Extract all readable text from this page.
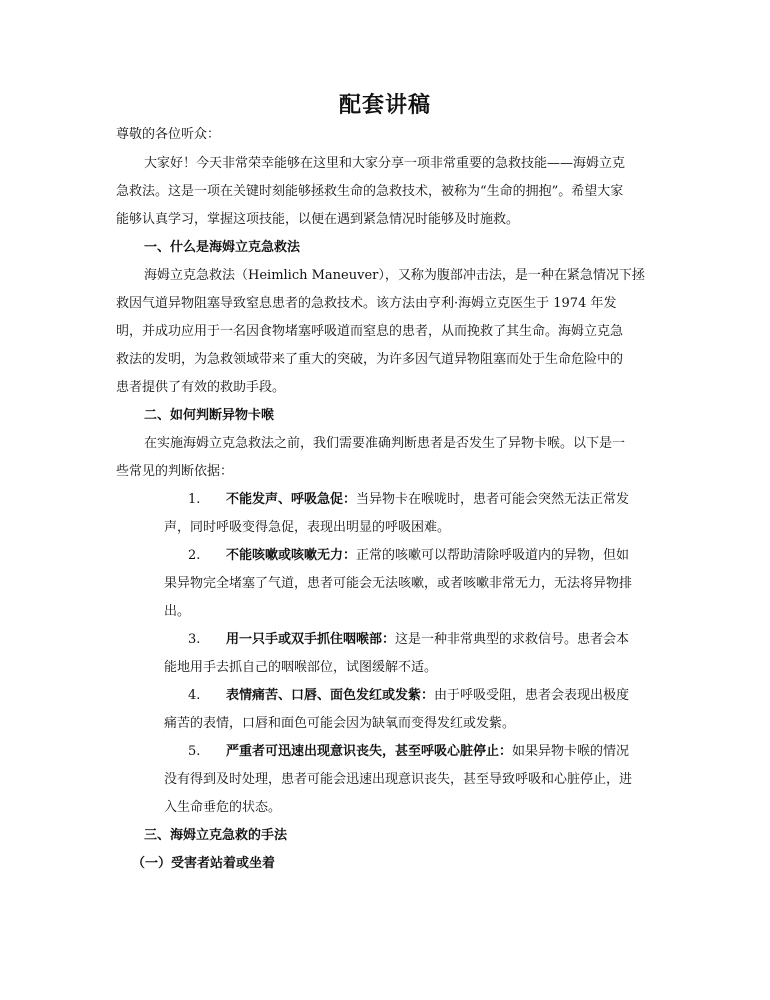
配套讲稿
尊敬的各位听众：
大家好！今天非常荣幸能够在这里和大家分享一项非常重要的急救技能——海姆立克
急救法。这是一项在关键时刻能够拯救生命的急救技术，被称为“生命的拥抱”。希望大家
能够认真学习，掌握这项技能，以便在遇到紧急情况时能够及时施救。
一、什么是海姆立克急救法
海姆立克急救法（Heimlich Maneuver），又称为腹部冲击法，是一种在紧急情况下拯
救因气道异物阻塞导致窒息患者的急救技术。该方法由亨利·海姆立克医生于 1974 年发
明，并成功应用于一名因食物堵塞呼吸道而窒息的患者，从而挽救了其生命。海姆立克急
救法的发明，为急救领域带来了重大的突破，为许多因气道异物阻塞而处于生命危险中的
患者提供了有效的救助手段。
二、如何判断异物卡喉
在实施海姆立克急救法之前，我们需要准确判断患者是否发生了异物卡喉。以下是一
些常见的判断依据：
1. 不能发声、呼吸急促：当异物卡在喉咙时，患者可能会突然无法正常发
声，同时呼吸变得急促，表现出明显的呼吸困难。
2. 不能咳嗽或咳嗽无力：正常的咳嗽可以帮助清除呼吸道内的异物，但如
果异物完全堵塞了气道，患者可能会无法咳嗽，或者咳嗽非常无力，无法将异物排
出。
3. 用一只手或双手抓住咽喉部：这是一种非常典型的求救信号。患者会本
能地用手去抓自己的咽喉部位，试图缓解不适。
4. 表情痛苦、口唇、面色发红或发紫：由于呼吸受阻，患者会表现出极度
痛苦的表情，口唇和面色可能会因为缺氧而变得发红或发紫。
5. 严重者可迅速出现意识丧失，甚至呼吸心脏停止：如果异物卡喉的情况
没有得到及时处理，患者可能会迅速出现意识丧失，甚至导致呼吸和心脏停止，进
入生命垂危的状态。
三、海姆立克急救的手法
（一）受害者站着或坐着
